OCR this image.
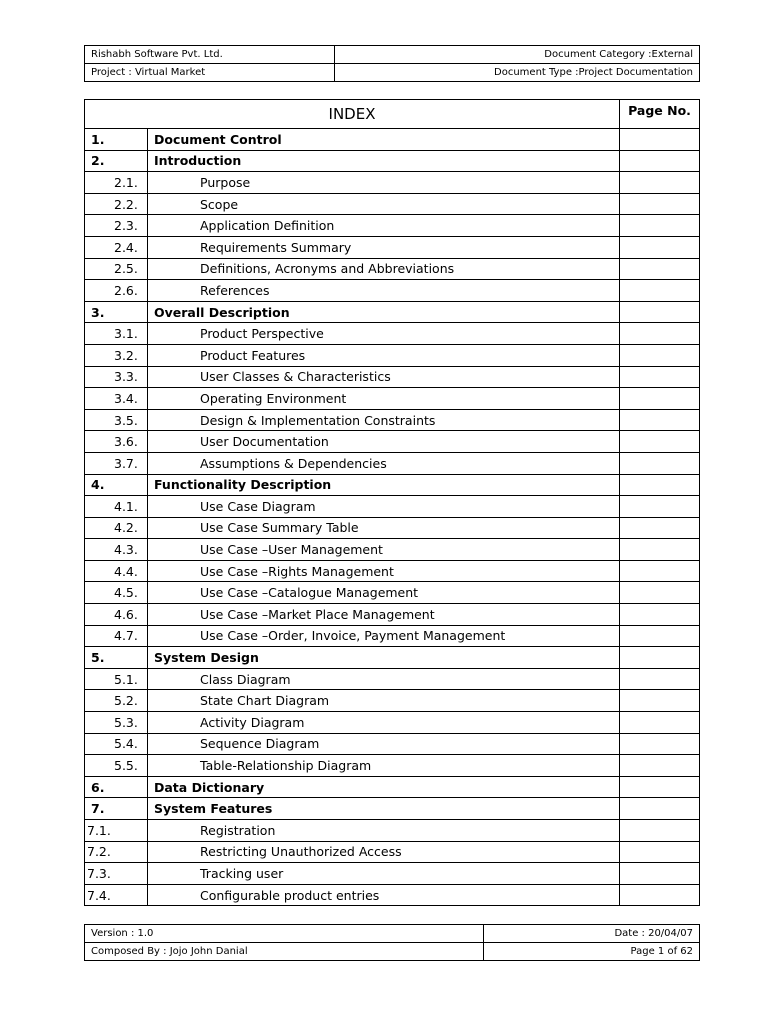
Rishabh Software Pvt. Ltd.	Document Category :External
Project : Virtual Market	Document Type :Project Documentation
INDEX		Page No.
1.	Document Control	
2.	Introduction	
2.1.	Purpose	
2.2.	Scope	
2.3.	Application Definition	
2.4.	Requirements Summary	
2.5.	Definitions, Acronyms and Abbreviations	
2.6.	References	
3.	Overall Description	
3.1.	Product Perspective	
3.2.	Product Features	
3.3.	User Classes & Characteristics	
3.4.	Operating Environment	
3.5.	Design & Implementation Constraints	
3.6.	User Documentation	
3.7.	Assumptions & Dependencies	
4.	Functionality Description	
4.1.	Use Case Diagram	
4.2.	Use Case Summary Table	
4.3.	Use Case –User Management	
4.4.	Use Case –Rights Management	
4.5.	Use Case –Catalogue Management	
4.6.	Use Case –Market Place Management	
4.7.	Use Case –Order, Invoice, Payment Management	
5.	System Design	
5.1.	Class Diagram	
5.2.	State Chart Diagram	
5.3.	Activity Diagram	
5.4.	Sequence Diagram	
5.5.	Table-Relationship Diagram	
6.	Data Dictionary	
7.	System Features	
7.1.	Registration	
7.2.	Restricting Unauthorized Access	
7.3.	Tracking user	
7.4.	Configurable product entries	
Version : 1.0	Date : 20/04/07
Composed By : Jojo John Danial	Page 1 of 62
